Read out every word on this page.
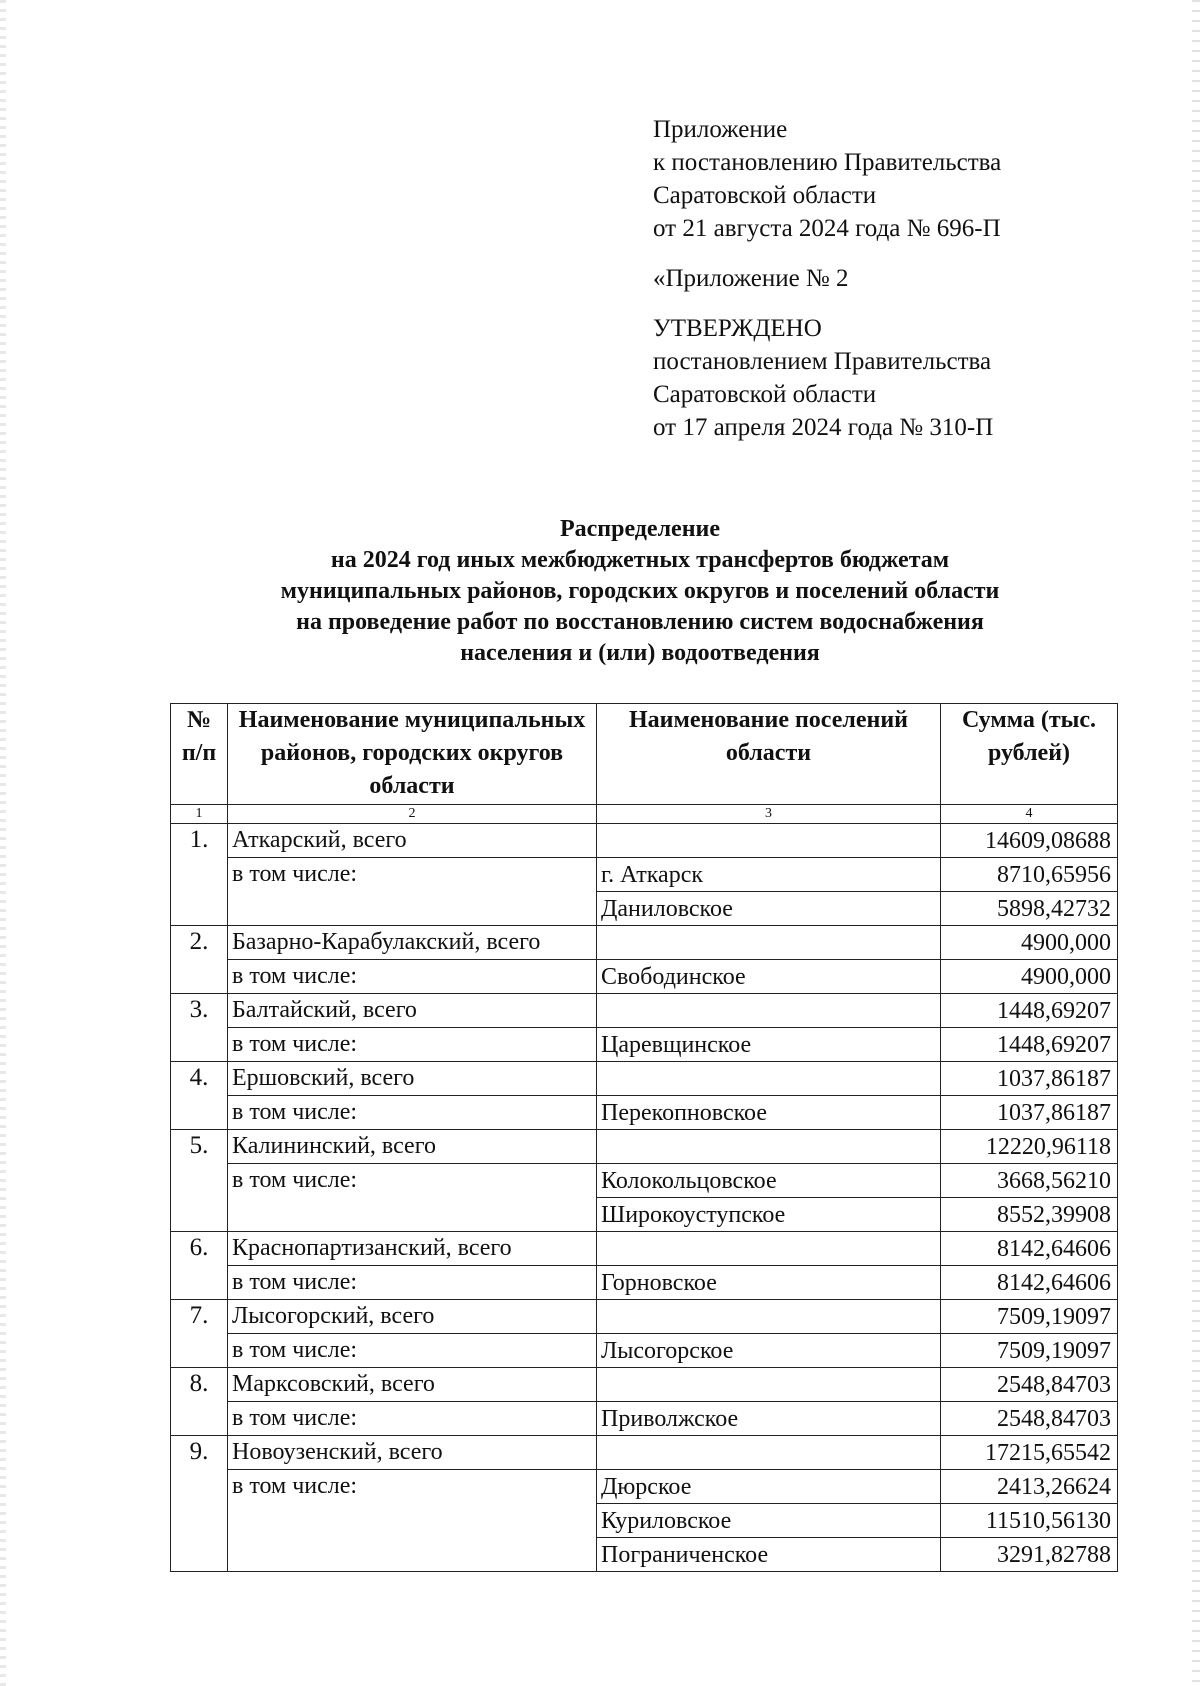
Приложение
к постановлению Правительства
Саратовской области
от 21 августа 2024 года № 696-П
«Приложение № 2
УТВЕРЖДЕНО
постановлением Правительства
Саратовской области
от 17 апреля 2024 года № 310-П
Распределение
на 2024 год иных межбюджетных трансфертов бюджетам
муниципальных районов, городских округов и поселений области
на проведение работ по восстановлению систем водоснабжения
населения и (или) водоотведения
№ п/п	Наименование муниципальных районов, городских округов области	Наименование поселений области	Сумма (тыс. рублей)
1	2	3	4
1.	Аткарский, всего		14609,08688
	в том числе:	г. Аткарск	8710,65956
		Даниловское	5898,42732
2.	Базарно-Карабулакский, всего		4900,000
	в том числе:	Свободинское	4900,000
3.	Балтайский, всего		1448,69207
	в том числе:	Царевщинское	1448,69207
4.	Ершовский, всего		1037,86187
	в том числе:	Перекопновское	1037,86187
5.	Калининский, всего		12220,96118
	в том числе:	Колокольцовское	3668,56210
		Широкоуступское	8552,39908
6.	Краснопартизанский, всего		8142,64606
	в том числе:	Горновское	8142,64606
7.	Лысогорский, всего		7509,19097
	в том числе:	Лысогорское	7509,19097
8.	Марксовский, всего		2548,84703
	в том числе:	Приволжское	2548,84703
9.	Новоузенский, всего		17215,65542
	в том числе:	Дюрское	2413,26624
		Куриловское	11510,56130
		Пограниченское	3291,82788
